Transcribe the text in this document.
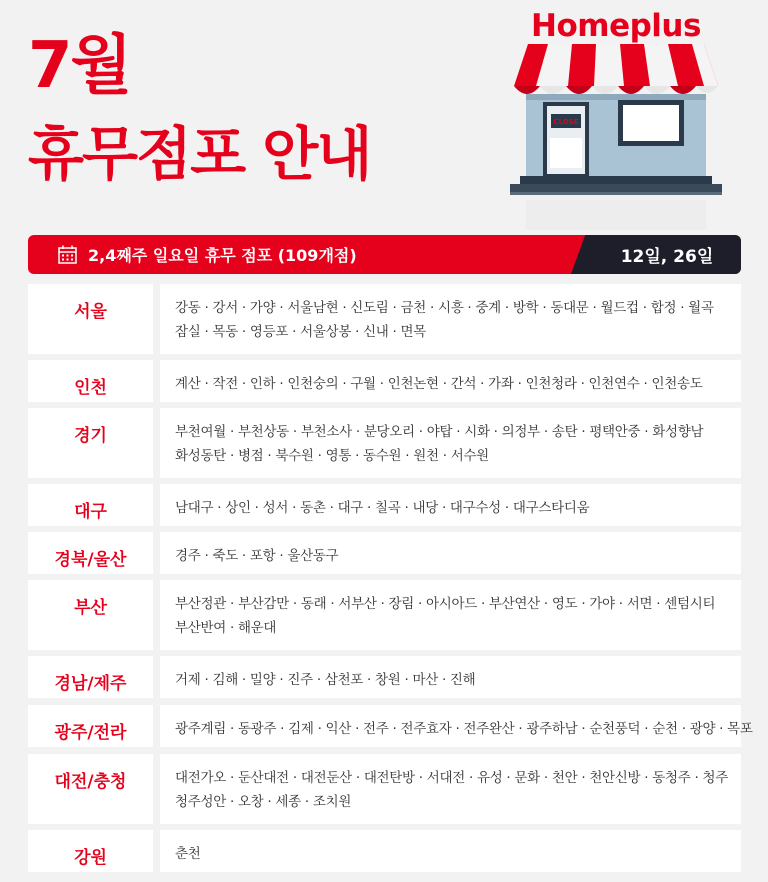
7월
휴무점포 안내
Homeplus
CLOSE
2,4째주 일요일 휴무 점포 (109개점)	12일, 26일
서울	강동 · 강서 · 가양 · 서울남현 · 신도림 · 금천 · 시흥 · 중계 · 방학 · 동대문 · 월드컵 · 합정 · 월곡
잠실 · 목동 · 영등포 · 서울상봉 · 신내 · 면목
인천	계산 · 작전 · 인하 · 인천숭의 · 구월 · 인천논현 · 간석 · 가좌 · 인천청라 · 인천연수 · 인천송도
경기	부천여월 · 부천상동 · 부천소사 · 분당오리 · 야탑 · 시화 · 의정부 · 송탄 · 평택안중 · 화성향남
화성동탄 · 병점 · 북수원 · 영통 · 동수원 · 원천 · 서수원
대구	남대구 · 상인 · 성서 · 동촌 · 대구 · 칠곡 · 내당 · 대구수성 · 대구스타디움
경북/울산	경주 · 죽도 · 포항 · 울산동구
부산	부산정관 · 부산감만 · 동래 · 서부산 · 장림 · 아시아드 · 부산연산 · 영도 · 가야 · 서면 · 센텀시티
부산반여 · 해운대
경남/제주	거제 · 김해 · 밀양 · 진주 · 삼천포 · 창원 · 마산 · 진해
광주/전라	광주계림 · 동광주 · 김제 · 익산 · 전주 · 전주효자 · 전주완산 · 광주하남 · 순천풍덕 · 순천 · 광양 · 목포
대전/충청	대전가오 · 둔산대전 · 대전둔산 · 대전탄방 · 서대전 · 유성 · 문화 · 천안 · 천안신방 · 동청주 · 청주
청주성안 · 오창 · 세종 · 조치원
강원	춘천
